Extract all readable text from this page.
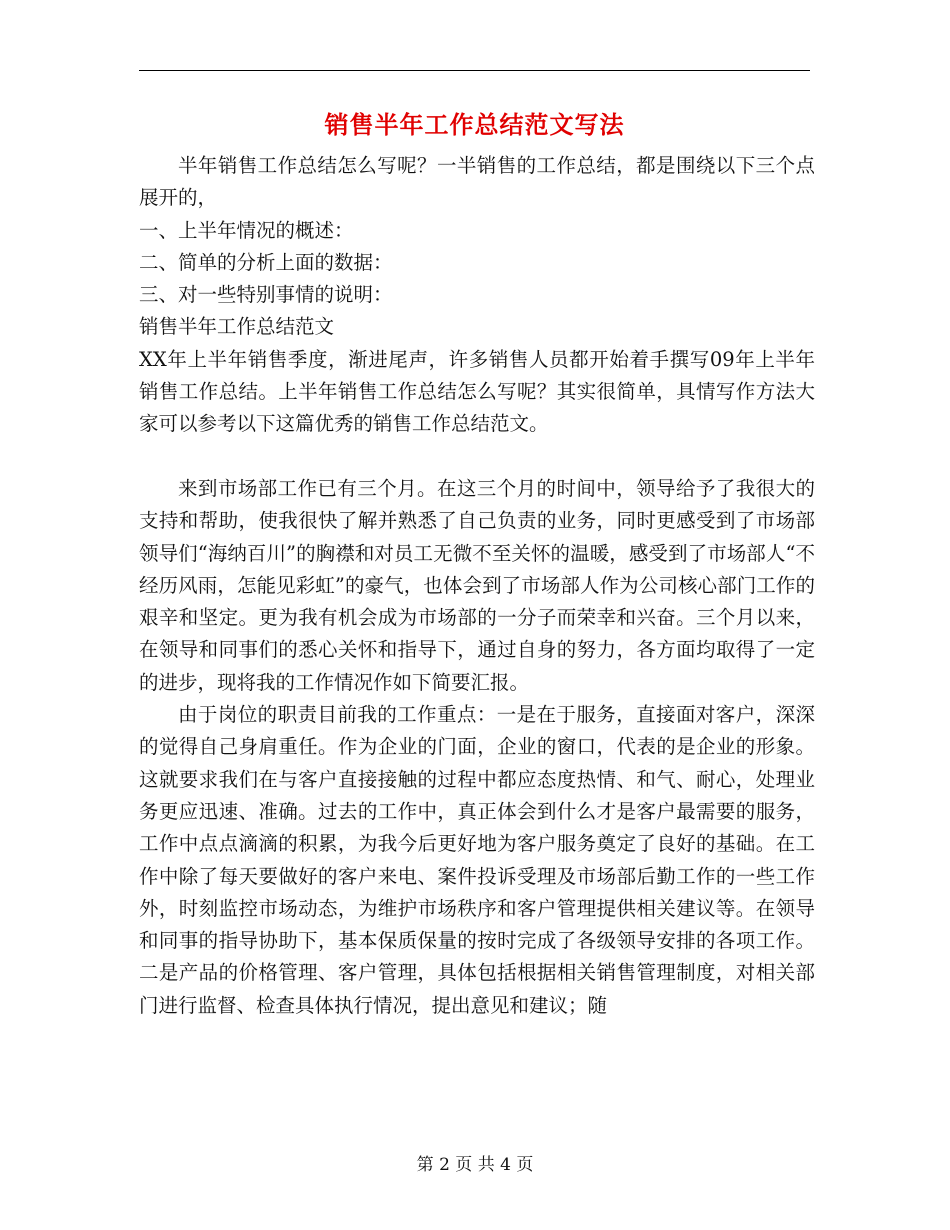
销售半年工作总结范文写法

半年销售工作总结怎么写呢？一半销售的工作总结，都是围绕以下三个点展开的，

一、上半年情况的概述：

二、简单的分析上面的数据：

三、对一些特别事情的说明：

销售半年工作总结范文

XX年上半年销售季度，渐进尾声，许多销售人员都开始着手撰写09年上半年销售工作总结。上半年销售工作总结怎么写呢？其实很简单，具情写作方法大家可以参考以下这篇优秀的销售工作总结范文。

来到市场部工作已有三个月。在这三个月的时间中，领导给予了我很大的支持和帮助，使我很快了解并熟悉了自己负责的业务，同时更感受到了市场部领导们“海纳百川”的胸襟和对员工无微不至关怀的温暖，感受到了市场部人“不经历风雨，怎能见彩虹”的豪气，也体会到了市场部人作为公司核心部门工作的艰辛和坚定。更为我有机会成为市场部的一分子而荣幸和兴奋。三个月以来，在领导和同事们的悉心关怀和指导下，通过自身的努力，各方面均取得了一定的进步，现将我的工作情况作如下简要汇报。

由于岗位的职责目前我的工作重点：一是在于服务，直接面对客户，深深的觉得自己身肩重任。作为企业的门面，企业的窗口，代表的是企业的形象。这就要求我们在与客户直接接触的过程中都应态度热情、和气、耐心，处理业务更应迅速、准确。过去的工作中，真正体会到什么才是客户最需要的服务，工作中点点滴滴的积累，为我今后更好地为客户服务奠定了良好的基础。在工作中除了每天要做好的客户来电、案件投诉受理及市场部后勤工作的一些工作外，时刻监控市场动态，为维护市场秩序和客户管理提供相关建议等。在领导和同事的指导协助下，基本保质保量的按时完成了各级领导安排的各项工作。二是产品的价格管理、客户管理，具体包括根据相关销售管理制度，对相关部门进行监督、检查具体执行情况，提出意见和建议；随

第 2 页 共 4 页
